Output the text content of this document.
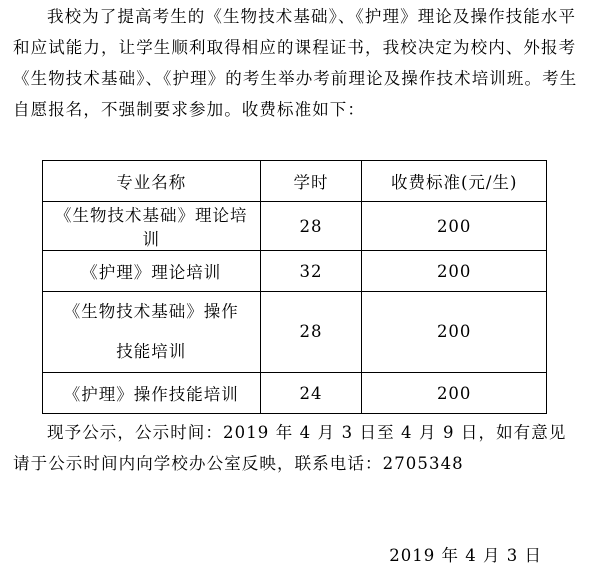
我校为了提高考生的《生物技术基础》、《护理》理论及操作技能水平和应试能力，让学生顺利取得相应的课程证书，我校决定为校内、外报考《生物技术基础》、《护理》的考生举办考前理论及操作技术培训班。考生自愿报名，不强制要求参加。收费标准如下：

专业名称	学时	收费标准(元/生)
《生物技术基础》理论培训	28	200
《护理》理论培训	32	200
《生物技术基础》操作技能培训	28	200
《护理》操作技能培训	24	200

现予公示，公示时间：2019 年 4 月 3 日至 4 月 9 日，如有意见请于公示时间内向学校办公室反映，联系电话：2705348

2019 年 4 月 3 日
